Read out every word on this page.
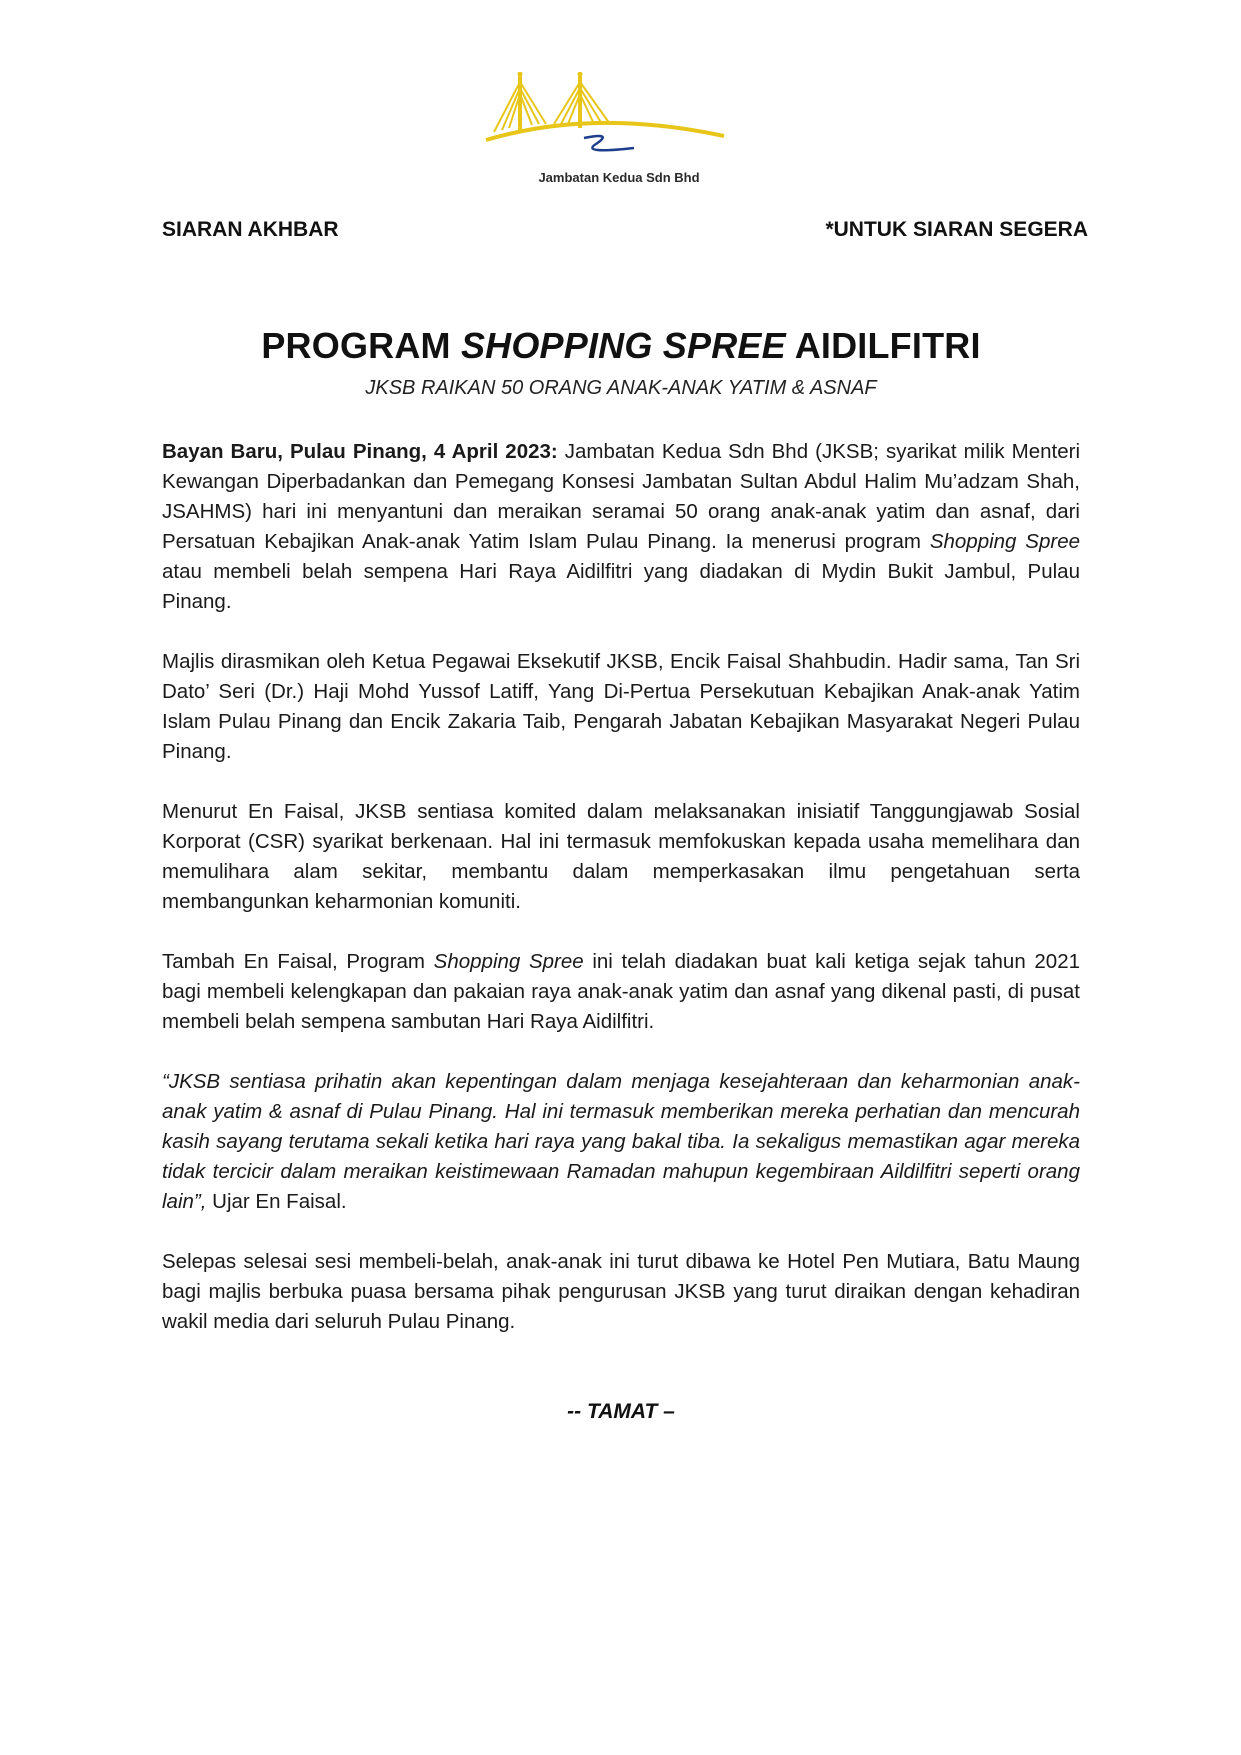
Jambatan Kedua Sdn Bhd
SIARAN AKHBAR	*UNTUK SIARAN SEGERA
PROGRAM SHOPPING SPREE AIDILFITRI
JKSB RAIKAN 50 ORANG ANAK-ANAK YATIM & ASNAF

Bayan Baru, Pulau Pinang, 4 April 2023: Jambatan Kedua Sdn Bhd (JKSB; syarikat milik Menteri Kewangan Diperbadankan dan Pemegang Konsesi Jambatan Sultan Abdul Halim Mu’adzam Shah, JSAHMS) hari ini menyantuni dan meraikan seramai 50 orang anak-anak yatim dan asnaf, dari Persatuan Kebajikan Anak-anak Yatim Islam Pulau Pinang. Ia menerusi program Shopping Spree atau membeli belah sempena Hari Raya Aidilfitri yang diadakan di Mydin Bukit Jambul, Pulau Pinang.

Majlis dirasmikan oleh Ketua Pegawai Eksekutif JKSB, Encik Faisal Shahbudin. Hadir sama, Tan Sri Dato’ Seri (Dr.) Haji Mohd Yussof Latiff, Yang Di-Pertua Persekutuan Kebajikan Anak-anak Yatim Islam Pulau Pinang dan Encik Zakaria Taib, Pengarah Jabatan Kebajikan Masyarakat Negeri Pulau Pinang.

Menurut En Faisal, JKSB sentiasa komited dalam melaksanakan inisiatif Tanggungjawab Sosial Korporat (CSR) syarikat berkenaan. Hal ini termasuk memfokuskan kepada usaha memelihara dan memulihara alam sekitar, membantu dalam memperkasakan ilmu pengetahuan serta membangunkan keharmonian komuniti.

Tambah En Faisal, Program Shopping Spree ini telah diadakan buat kali ketiga sejak tahun 2021 bagi membeli kelengkapan dan pakaian raya anak-anak yatim dan asnaf yang dikenal pasti, di pusat membeli belah sempena sambutan Hari Raya Aidilfitri.

“JKSB sentiasa prihatin akan kepentingan dalam menjaga kesejahteraan dan keharmonian anak-anak yatim & asnaf di Pulau Pinang. Hal ini termasuk memberikan mereka perhatian dan mencurah kasih sayang terutama sekali ketika hari raya yang bakal tiba. Ia sekaligus memastikan agar mereka tidak tercicir dalam meraikan keistimewaan Ramadan mahupun kegembiraan Aildilfitri seperti orang lain”, Ujar En Faisal.

Selepas selesai sesi membeli-belah, anak-anak ini turut dibawa ke Hotel Pen Mutiara, Batu Maung bagi majlis berbuka puasa bersama pihak pengurusan JKSB yang turut diraikan dengan kehadiran wakil media dari seluruh Pulau Pinang.

-- TAMAT –
